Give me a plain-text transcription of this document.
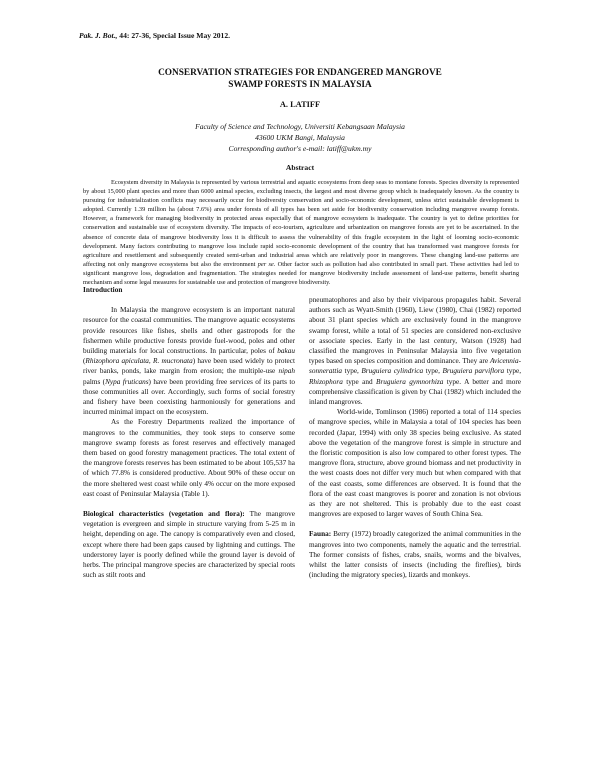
Pak. J. Bot., 44: 27-36, Special Issue May 2012.
CONSERVATION STRATEGIES FOR ENDANGERED MANGROVE
SWAMP FORESTS IN MALAYSIA
A. LATIFF
Faculty of Science and Technology, Universiti Kebangsaan Malaysia
43600 UKM Bangi, Malaysia
Corresponding author's e-mail: latiff@ukm.my
Abstract

Ecosystem diversity in Malaysia is represented by various terrestrial and aquatic ecosystems from deep seas to montane forests. Species diversity is represented by about 15,000 plant species and more than 6000 animal species, excluding insects, the largest and most diverse group which is inadequately known. As the country is pursuing for industrialization conflicts may necessarily occur for biodiversity conservation and socio-economic development, unless strict sustainable development is adopted. Currently 1.39 million ha (about 7.6%) area under forests of all types has been set aside for biodiversity conservation including mangrove swamp forests. However, a framework for managing biodiversity in protected areas especially that of mangrove ecosystem is inadequate. The country is yet to define priorities for conservation and sustainable use of ecosystem diversity. The impacts of eco-tourism, agriculture and urbanization on mangrove forests are yet to be ascertained. In the absence of concrete data of mangrove biodiversity loss it is difficult to assess the vulnerability of this fragile ecosystem in the light of looming socio-economic development. Many factors contributing to mangrove loss include rapid socio-economic development of the country that has transformed vast mangrove forests for agriculture and resettlement and subsequently created semi-urban and industrial areas which are relatively poor in mangroves. These changing land-use patterns are affecting not only mangrove ecosystems but also the environment per se. Other factor such as pollution had also contributed in small part. These activities had led to significant mangrove loss, degradation and fragmentation. The strategies needed for mangrove biodiversity include assessment of land-use patterns, benefit sharing mechanism and some legal measures for sustainable use and protection of mangrove biodiversity.

Introduction

In Malaysia the mangrove ecosystem is an important natural resource for the coastal communities. The mangrove aquatic ecosystems provide resources like fishes, shells and other gastropods for the fishermen while productive forests provide fuel-wood, poles and other building materials for local constructions. In particular, poles of bakau (Rhizophora apiculata, R. mucronata) have been used widely to protect river banks, ponds, lake margin from erosion; the multiple-use nipah palms (Nypa fruticans) have been providing free services of its parts to those communities all over. Accordingly, such forms of social forestry and fishery have been coexisting harmoniously for generations and incurred minimal impact on the ecosystem.

As the Forestry Departments realized the importance of mangroves to the communities, they took steps to conserve some mangrove swamp forests as forest reserves and effectively managed them based on good forestry management practices. The total extent of the mangrove forests reserves has been estimated to be about 105,537 ha of which 77.8% is considered productive. About 90% of these occur on the more sheltered west coast while only 4% occur on the more exposed east coast of Peninsular Malaysia (Table 1).

Biological characteristics (vegetation and flora): The mangrove vegetation is evergreen and simple in structure varying from 5-25 m in height, depending on age. The canopy is comparatively even and closed, except where there had been gaps caused by lightning and cuttings. The understorey layer is poorly defined while the ground layer is devoid of herbs. The principal mangrove species are characterized by special roots such as stilt roots and

pneumatophores and also by their viviparous propagules habit. Several authors such as Wyatt-Smith (1960), Liew (1980), Chai (1982) reported about 31 plant species which are exclusively found in the mangrove swamp forest, while a total of 51 species are considered non-exclusive or associate species. Early in the last century, Watson (1928) had classified the mangroves in Peninsular Malaysia into five vegetation types based on species composition and dominance. They are Avicennia-sonnerattia type, Bruguiera cylindrica type, Bruguiera parviflora type, Rhizophora type and Bruguiera gymnorhiza type. A better and more comprehensive classification is given by Chai (1982) which included the inland mangroves.

World-wide, Tomlinson (1986) reported a total of 114 species of mangrove species, while in Malaysia a total of 104 species has been recorded (Japar, 1994) with only 38 species being exclusive. As stated above the vegetation of the mangrove forest is simple in structure and the floristic composition is also low compared to other forest types. The mangrove flora, structure, above ground biomass and net productivity in the west coasts does not differ very much but when compared with that of the east coasts, some differences are observed. It is found that the flora of the east coast mangroves is poorer and zonation is not obvious as they are not sheltered. This is probably due to the east coast mangroves are exposed to larger waves of South China Sea.

Fauna: Berry (1972) broadly categorized the animal communities in the mangroves into two components, namely the aquatic and the terrestrial. The former consists of fishes, crabs, snails, worms and the bivalves, whilst the latter consists of insects (including the fireflies), birds (including the migratory species), lizards and monkeys.
